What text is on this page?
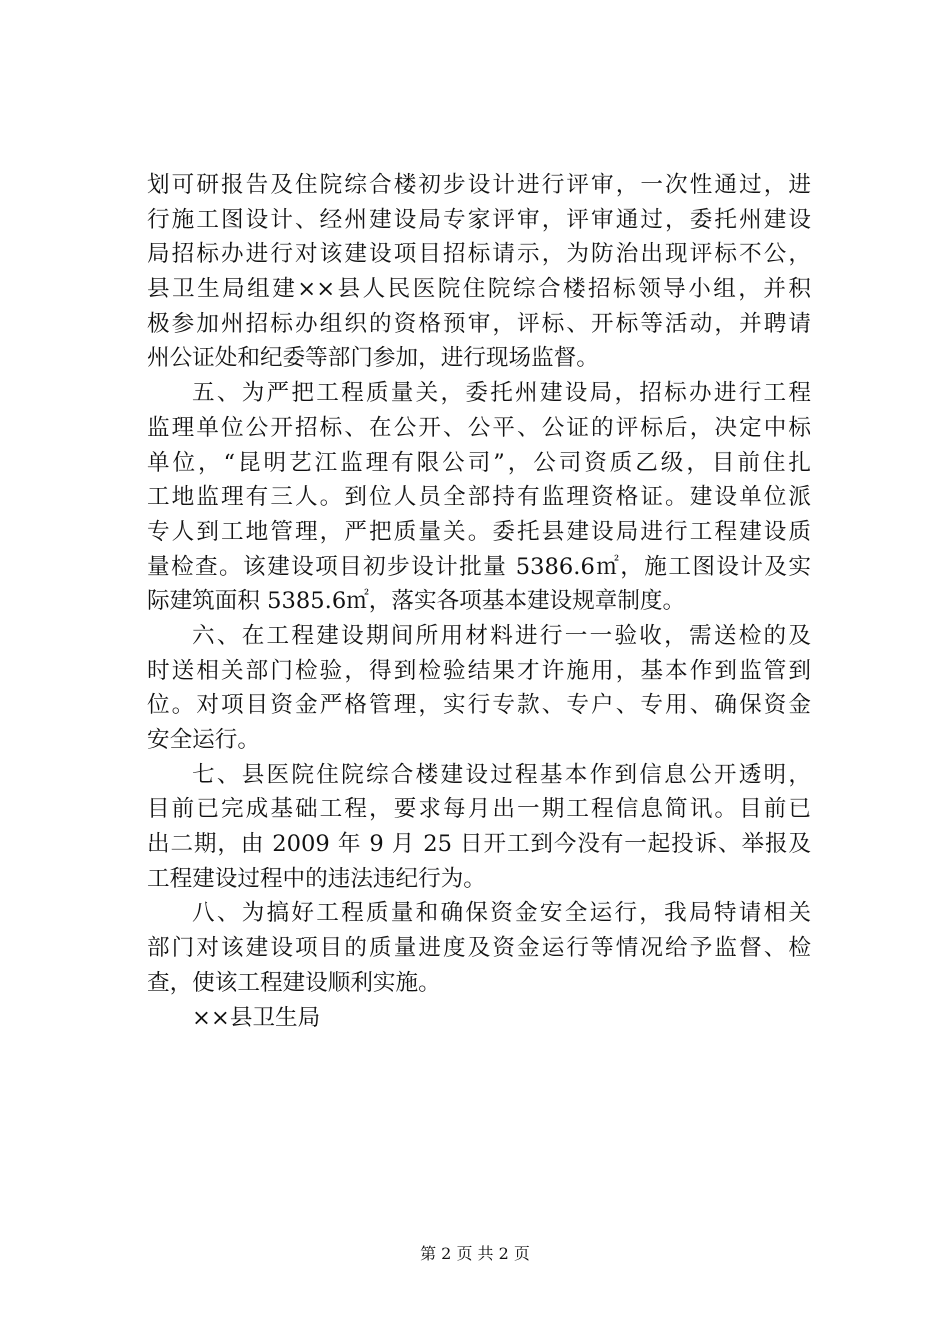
划可研报告及住院综合楼初步设计进行评审，一次性通过，进
行施工图设计、经州建设局专家评审，评审通过，委托州建设
局招标办进行对该建设项目招标请示，为防治出现评标不公，
县卫生局组建××县人民医院住院综合楼招标领导小组，并积
极参加州招标办组织的资格预审，评标、开标等活动，并聘请
州公证处和纪委等部门参加，进行现场监督。
五、为严把工程质量关，委托州建设局，招标办进行工程
监理单位公开招标、在公开、公平、公证的评标后，决定中标
单位，“昆明艺江监理有限公司”，公司资质乙级，目前住扎
工地监理有三人。到位人员全部持有监理资格证。建设单位派
专人到工地管理，严把质量关。委托县建设局进行工程建设质
量检查。该建设项目初步设计批量 5386.6㎡，施工图设计及实
际建筑面积 5385.6㎡，落实各项基本建设规章制度。
六、在工程建设期间所用材料进行一一验收，需送检的及
时送相关部门检验，得到检验结果才许施用，基本作到监管到
位。对项目资金严格管理，实行专款、专户、专用、确保资金
安全运行。
七、县医院住院综合楼建设过程基本作到信息公开透明，
目前已完成基础工程，要求每月出一期工程信息简讯。目前已
出二期，由 2009 年 9 月 25 日开工到今没有一起投诉、举报及
工程建设过程中的违法违纪行为。
八、为搞好工程质量和确保资金安全运行，我局特请相关
部门对该建设项目的质量进度及资金运行等情况给予监督、检
查，使该工程建设顺利实施。
××县卫生局
第 2 页 共 2 页
